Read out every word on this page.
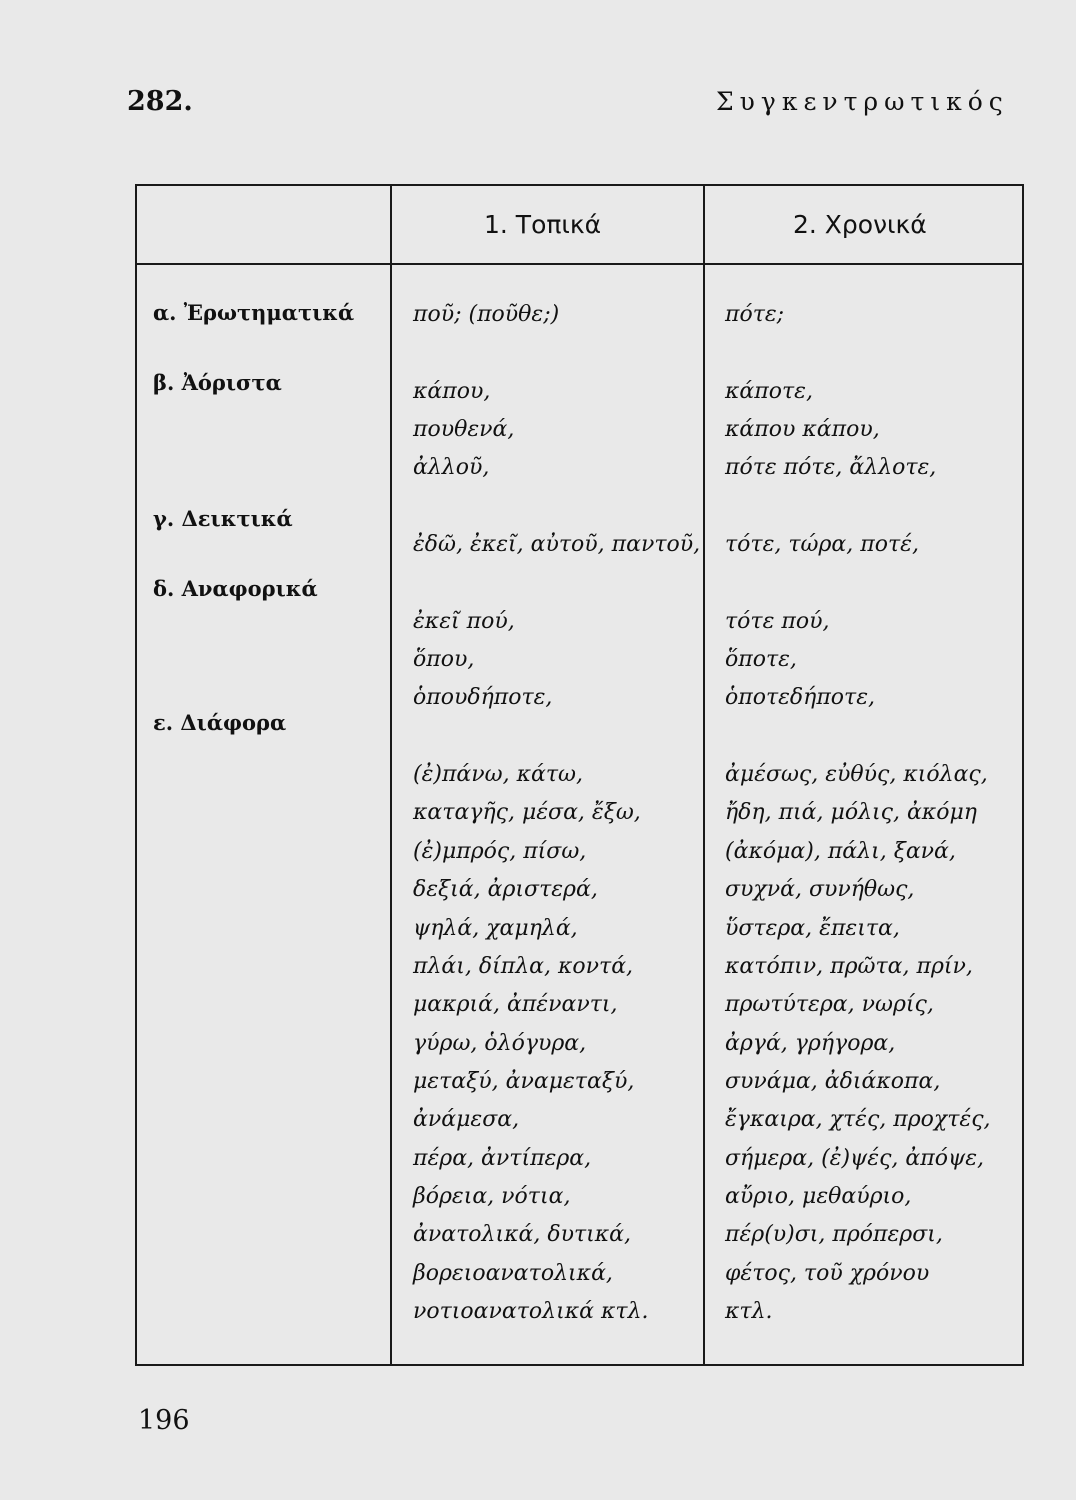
282.	Συγκεντρωτικός
1. Τοπικά	2. Χρονικά
α. Ἐρωτηματικά
β. Ἀόριστα
γ. Δεικτικά
δ. Αναφορικά
ε. Διάφορα
ποῦ; (ποῦθε;)
κάπου,
πουθενά,
ἀλλοῦ,
ἐδῶ, ἐκεῖ, αὐτοῦ, παντοῦ,
ἐκεῖ πού,
ὅπου,
ὁπουδήποτε,
(ἐ)πάνω, κάτω,
καταγῆς, μέσα, ἔξω,
(ἐ)μπρός, πίσω,
δεξιά, ἀριστερά,
ψηλά, χαμηλά,
πλάι, δίπλα, κοντά,
μακριά, ἀπέναντι,
γύρω, ὁλόγυρα,
μεταξύ, ἀναμεταξύ,
ἀνάμεσα,
πέρα, ἀντίπερα,
βόρεια, νότια,
ἀνατολικά, δυτικά,
βορειοανατολικά,
νοτιοανατολικά κτλ.
πότε;
κάποτε,
κάπου κάπου,
πότε πότε, ἄλλοτε,
τότε, τώρα, ποτέ,
τότε πού,
ὅποτε,
ὁποτεδήποτε,
ἀμέσως, εὐθύς, κιόλας,
ἤδη, πιά, μόλις, ἀκόμη
(ἀκόμα), πάλι, ξανά,
συχνά, συνήθως,
ὕστερα, ἔπειτα,
κατόπιν, πρῶτα, πρίν,
πρωτύτερα, νωρίς,
ἀργά, γρήγορα,
συνάμα, ἀδιάκοπα,
ἔγκαιρα, χτές, προχτές,
σήμερα, (ἐ)ψές, ἀπόψε,
αὔριο, μεθαύριο,
πέρ(υ)σι, πρόπερσι,
φέτος, τοῦ χρόνου
κτλ.
196
